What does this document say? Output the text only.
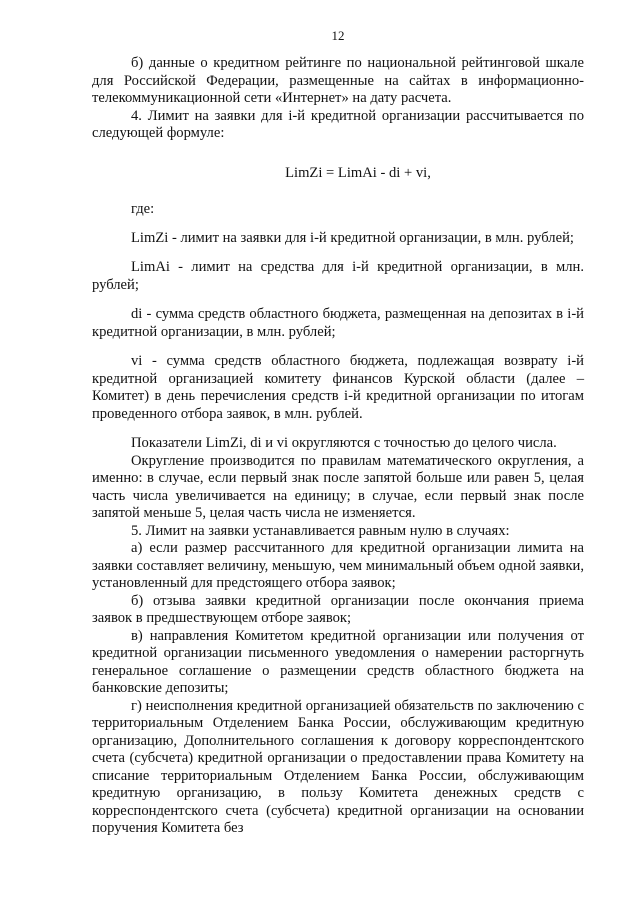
12

б) данные о кредитном рейтинге по национальной рейтинговой шкале для Российской Федерации, размещенные на сайтах в информационно-телекоммуникационной сети «Интернет» на дату расчета.

4. Лимит на заявки для i-й кредитной организации рассчитывается по следующей формуле:

LimZi = LimAi - di + vi,

где:

LimZi - лимит на заявки для i-й кредитной организации, в млн. рублей;

LimAi - лимит на средства для i-й кредитной организации, в млн. рублей;

di - сумма средств областного бюджета, размещенная на депозитах в i-й кредитной организации, в млн. рублей;

vi - сумма средств областного бюджета, подлежащая возврату i-й кредитной организацией комитету финансов Курской области (далее – Комитет) в день перечисления средств i-й кредитной организации по итогам проведенного отбора заявок, в млн. рублей.

Показатели LimZi, di и vi округляются с точностью до целого числа.

Округление производится по правилам математического округления, а именно: в случае, если первый знак после запятой больше или равен 5, целая часть числа увеличивается на единицу; в случае, если первый знак после запятой меньше 5, целая часть числа не изменяется.

5. Лимит на заявки устанавливается равным нулю в случаях:

а) если размер рассчитанного для кредитной организации лимита на заявки составляет величину, меньшую, чем минимальный объем одной заявки, установленный для предстоящего отбора заявок;

б) отзыва заявки кредитной организации после окончания приема заявок в предшествующем отборе заявок;

в) направления Комитетом кредитной организации или получения от кредитной организации письменного уведомления о намерении расторгнуть генеральное соглашение о размещении средств областного бюджета на банковские депозиты;

г) неисполнения кредитной организацией обязательств по заключению с территориальным Отделением Банка России, обслуживающим кредитную организацию, Дополнительного соглашения к договору корреспондентского счета (субсчета) кредитной организации о предоставлении права Комитету на списание территориальным Отделением Банка России, обслуживающим кредитную организацию, в пользу Комитета денежных средств с корреспондентского счета (субсчета) кредитной организации на основании поручения Комитета без
